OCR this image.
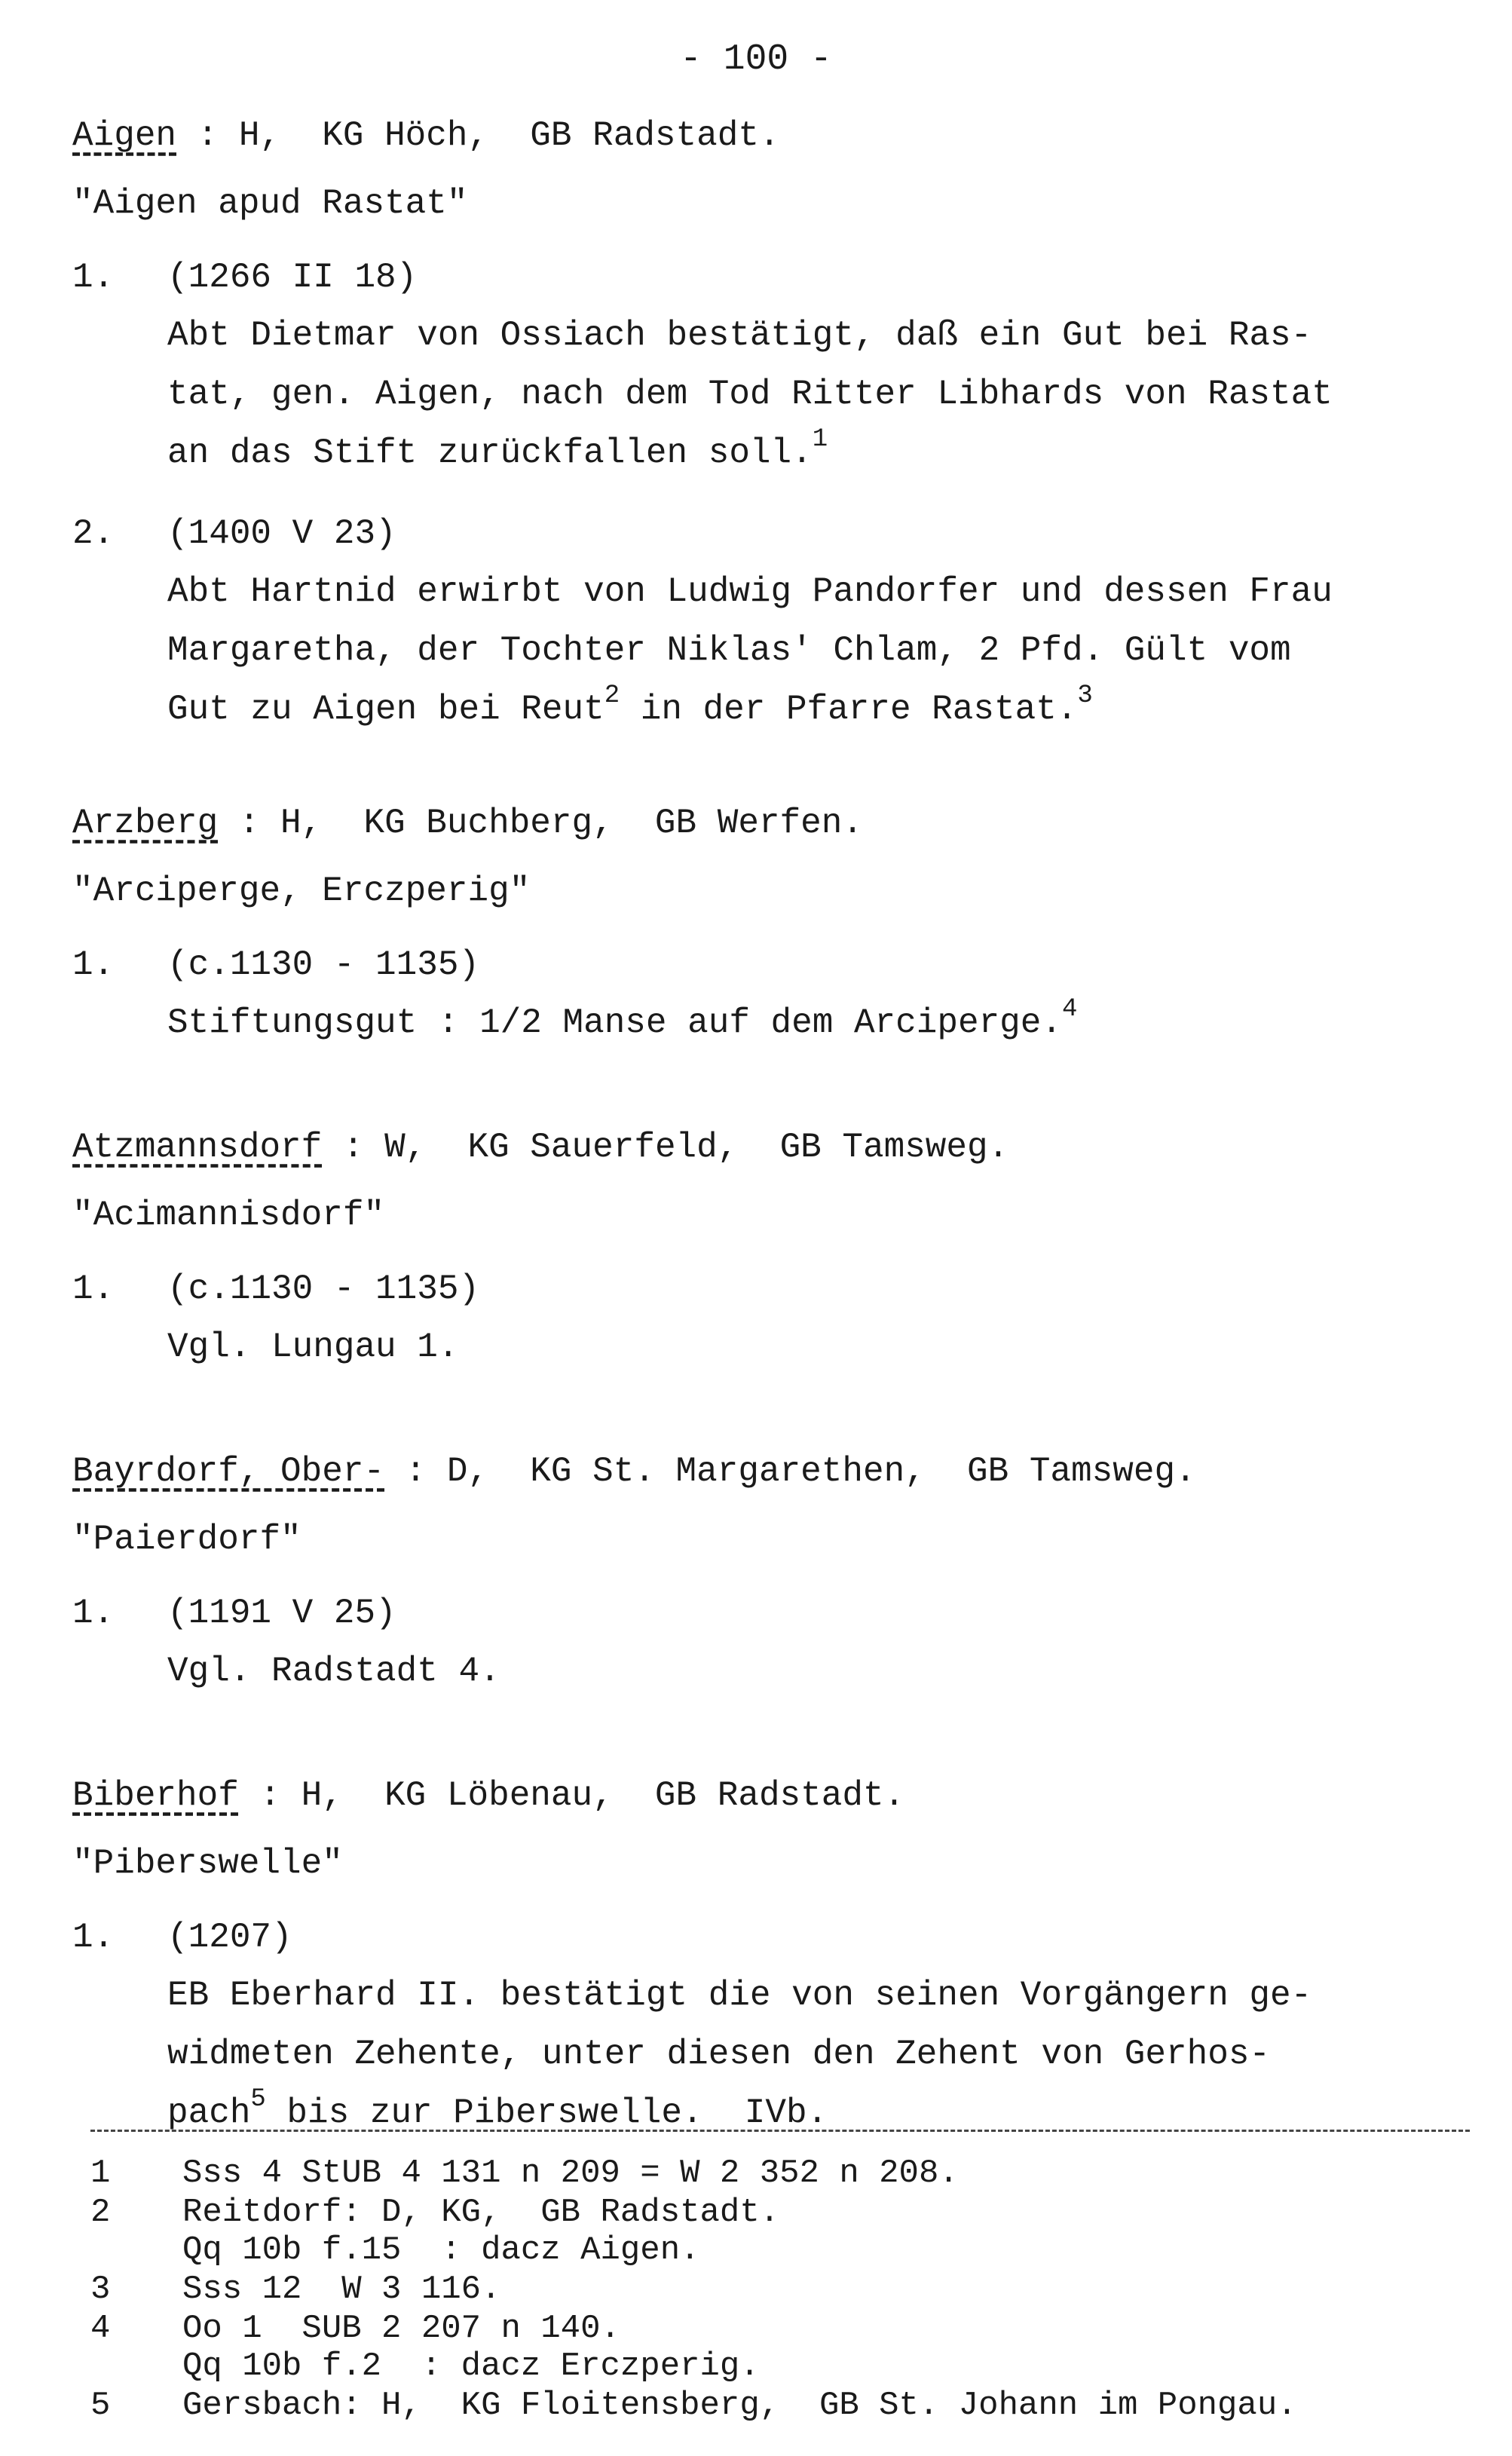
- 100 -
Aigen : H,  KG Höch,  GB Radstadt.
"Aigen apud Rastat"
1. (1266 II 18)
Abt Dietmar von Ossiach bestätigt, daß ein Gut bei Ras-
tat, gen. Aigen, nach dem Tod Ritter Libhards von Rastat
an das Stift zurückfallen soll.$^1$
2. (1400 V 23)
Abt Hartnid erwirbt von Ludwig Pandorfer und dessen Frau
Margaretha, der Tochter Niklas' Chlam, 2 Pfd. Gült vom
Gut zu Aigen bei Reut$^2$ in der Pfarre Rastat.$^3$
Arzberg : H,  KG Buchberg,  GB Werfen.
"Arciperge, Erczperig"
1. (c.1130 - 1135)
Stiftungsgut : 1/2 Manse auf dem Arciperge.$^4$
Atzmannsdorf : W,  KG Sauerfeld,  GB Tamsweg.
"Acimannisdorf"
1. (c.1130 - 1135)
Vgl. Lungau 1.
Bayrdorf, Ober- : D,  KG St. Margarethen,  GB Tamsweg.
"Paierdorf"
1. (1191 V 25)
Vgl. Radstadt 4.
Biberhof : H,  KG Löbenau,  GB Radstadt.
"Piberswelle"
1. (1207)
EB Eberhard II. bestätigt die von seinen Vorgängern ge-
widmeten Zehente, unter diesen den Zehent von Gerhos-
pach$^5$ bis zur Piberswelle.  IVb.
1 Sss 4 StUB 4 131 n 209 = W 2 352 n 208.
2 Reitdorf: D, KG,  GB Radstadt.
Qq 10b f.15  : dacz Aigen.
3 Sss 12  W 3 116.
4 Oo 1  SUB 2 207 n 140.
Qq 10b f.2  : dacz Erczperig.
5 Gersbach: H,  KG Floitensberg,  GB St. Johann im Pongau.
